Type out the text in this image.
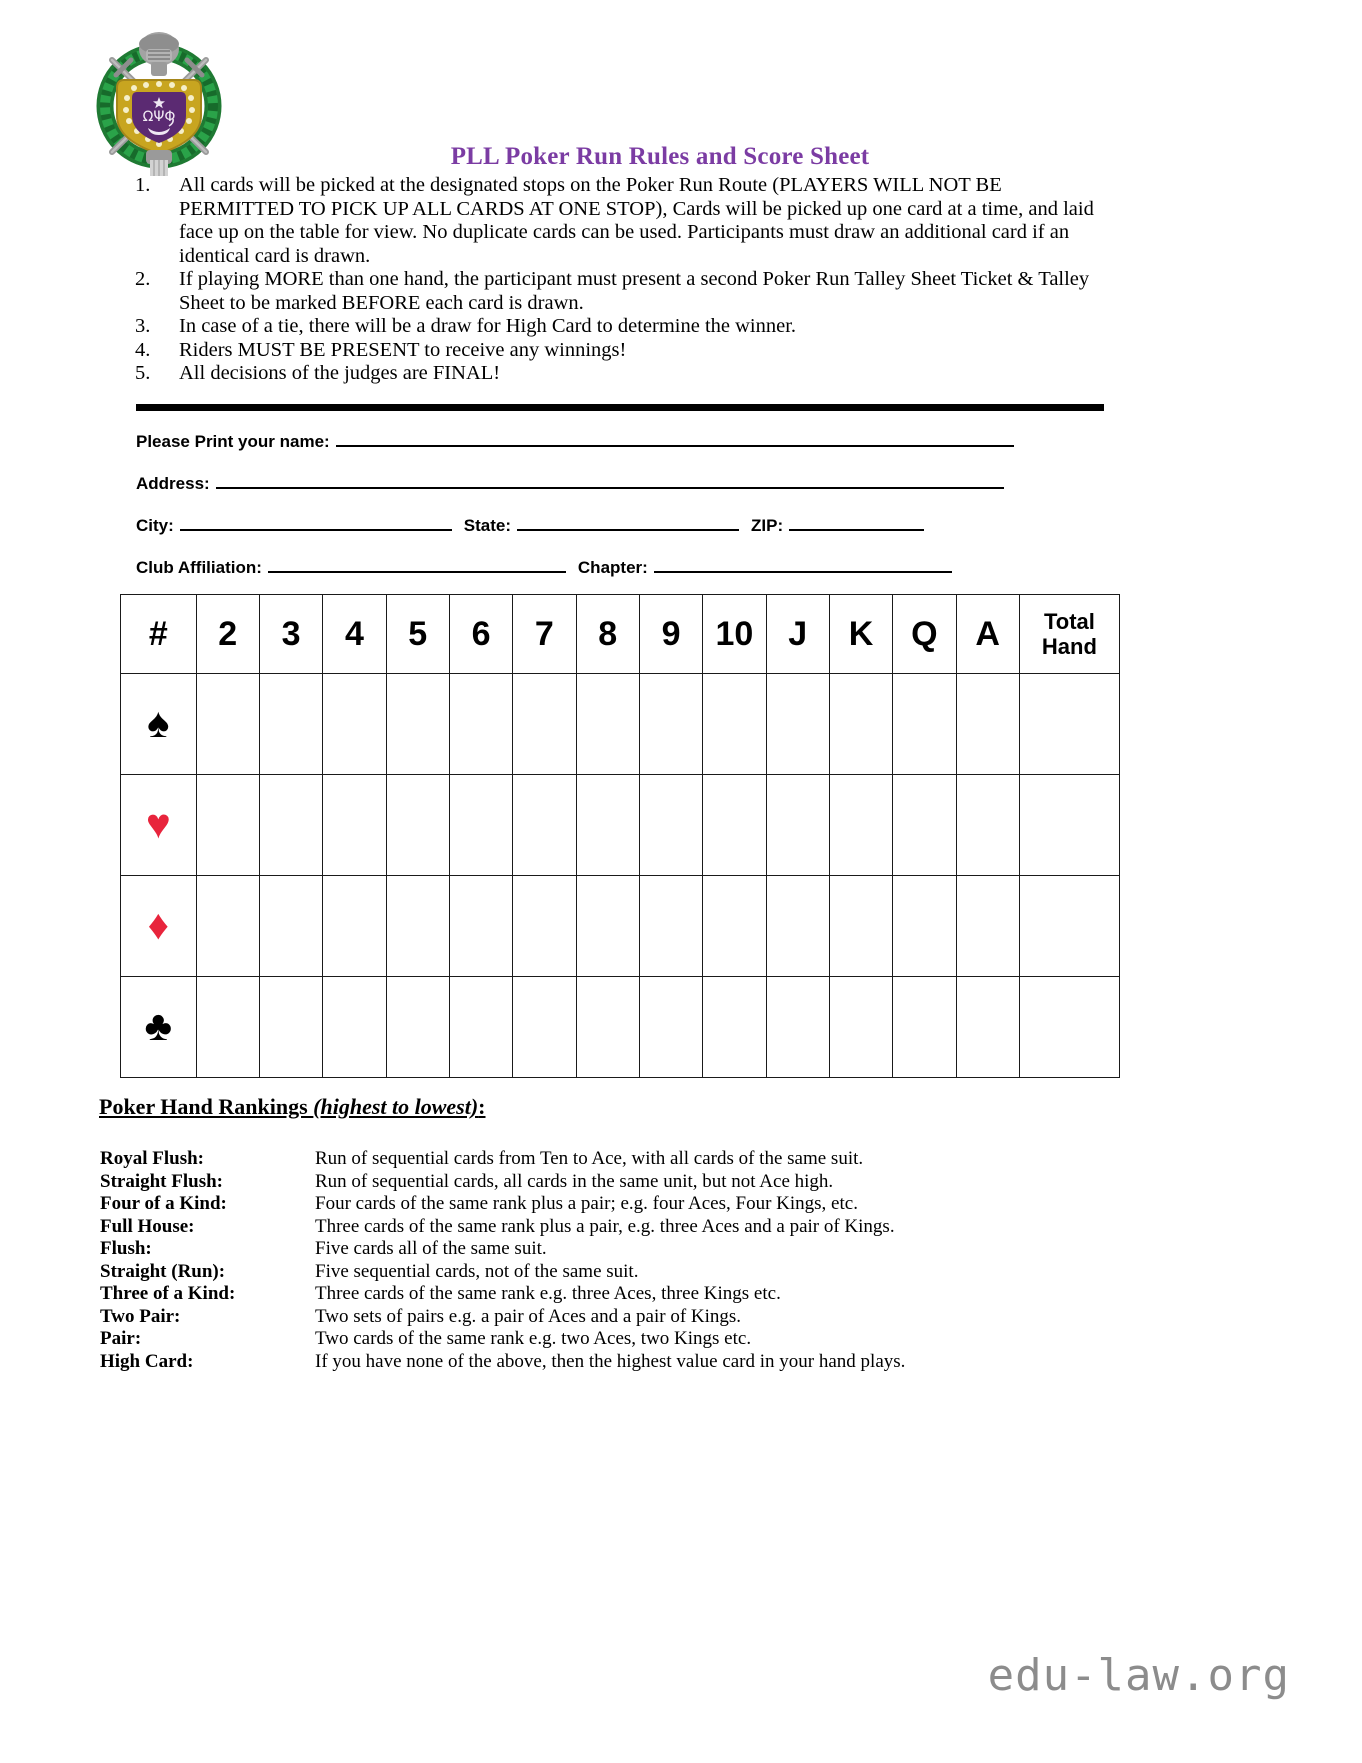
ΩΨΦ
PLL Poker Run Rules and Score Sheet
1.	All cards will be picked at the designated stops on the Poker Run Route (PLAYERS WILL NOT BE PERMITTED TO PICK UP ALL CARDS AT ONE STOP), Cards will be picked up one card at a time, and laid face up on the table for view. No duplicate cards can be used. Participants must draw an additional card if an identical card is drawn.
2.	If playing MORE than one hand, the participant must present a second Poker Run Talley Sheet Ticket & Talley Sheet to be marked BEFORE each card is drawn.
3.	In case of a tie, there will be a draw for High Card to determine the winner.
4.	Riders MUST BE PRESENT to receive any winnings!
5.	All decisions of the judges are FINAL!
Please Print your name:
Address:
City:	State:	ZIP:
Club Affiliation:	Chapter:
#	2	3	4	5	6	7	8	9	10	J	K	Q	A	Total
Hand
♠														
♥														
♦														
♣														
Poker Hand Rankings (highest to lowest):
Royal Flush:	Run of sequential cards from Ten to Ace, with all cards of the same suit.
Straight Flush:	Run of sequential cards, all cards in the same unit, but not Ace high.
Four of a Kind:	Four cards of the same rank plus a pair; e.g. four Aces, Four Kings, etc.
Full House:	Three cards of the same rank plus a pair, e.g. three Aces and a pair of Kings.
Flush:	Five cards all of the same suit.
Straight (Run):	Five sequential cards, not of the same suit.
Three of a Kind:	Three cards of the same rank e.g. three Aces, three Kings etc.
Two Pair:	Two sets of pairs e.g. a pair of Aces and a pair of Kings.
Pair:	Two cards of the same rank e.g. two Aces, two Kings etc.
High Card:	If you have none of the above, then the highest value card in your hand plays.
edu-law.org
